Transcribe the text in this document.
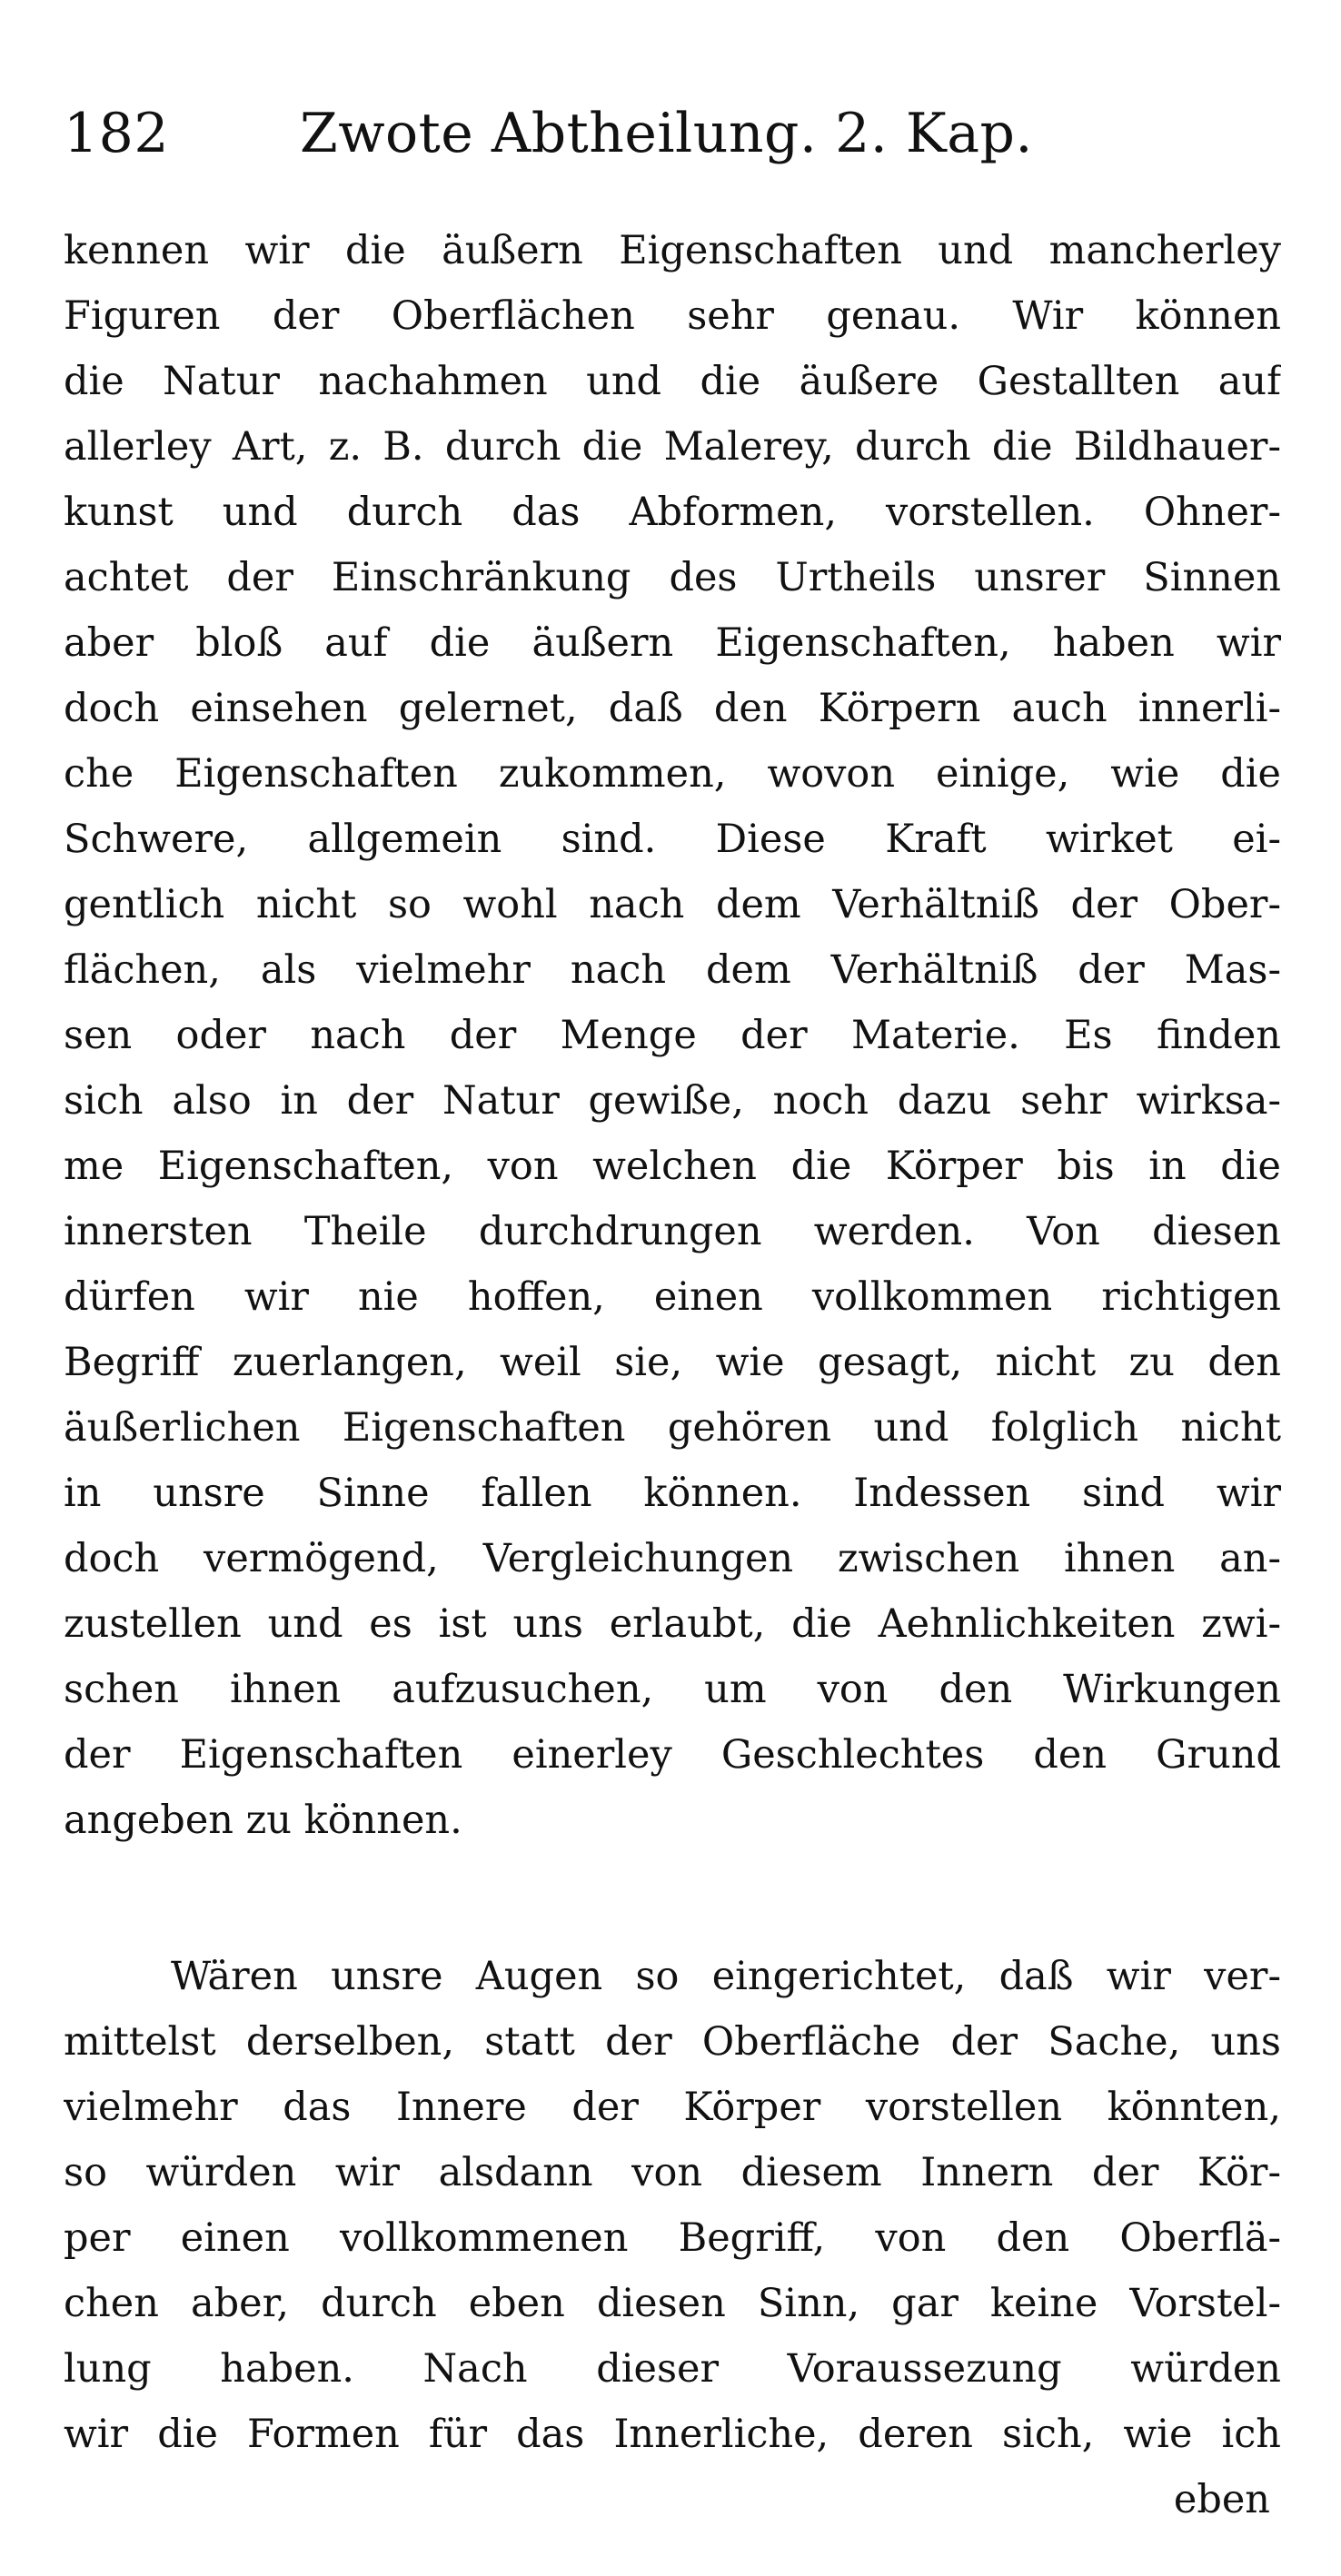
182 Zwote Abtheilung. 2. Kap.
kennen wir die äußern Eigenschaften und mancherley
Figuren der Oberflächen sehr genau. Wir können
die Natur nachahmen und die äußere Gestallten auf
allerley Art, z. B. durch die Malerey, durch die Bildhauer-
kunst und durch das Abformen, vorstellen. Ohner-
achtet der Einschränkung des Urtheils unsrer Sinnen
aber bloß auf die äußern Eigenschaften, haben wir
doch einsehen gelernet, daß den Körpern auch innerli-
che Eigenschaften zukommen, wovon einige, wie die
Schwere, allgemein sind. Diese Kraft wirket ei-
gentlich nicht so wohl nach dem Verhältniß der Ober-
flächen, als vielmehr nach dem Verhältniß der Mas-
sen oder nach der Menge der Materie. Es finden
sich also in der Natur gewiße, noch dazu sehr wirksa-
me Eigenschaften, von welchen die Körper bis in die
innersten Theile durchdrungen werden. Von diesen
dürfen wir nie hoffen, einen vollkommen richtigen
Begriff zuerlangen, weil sie, wie gesagt, nicht zu den
äußerlichen Eigenschaften gehören und folglich nicht
in unsre Sinne fallen können. Indessen sind wir
doch vermögend, Vergleichungen zwischen ihnen an-
zustellen und es ist uns erlaubt, die Aehnlichkeiten zwi-
schen ihnen aufzusuchen, um von den Wirkungen
der Eigenschaften einerley Geschlechtes den Grund
angeben zu können.
Wären unsre Augen so eingerichtet, daß wir ver-
mittelst derselben, statt der Oberfläche der Sache, uns
vielmehr das Innere der Körper vorstellen könnten,
so würden wir alsdann von diesem Innern der Kör-
per einen vollkommenen Begriff, von den Oberflä-
chen aber, durch eben diesen Sinn, gar keine Vorstel-
lung haben. Nach dieser Voraussezung würden
wir die Formen für das Innerliche, deren sich, wie ich
eben
